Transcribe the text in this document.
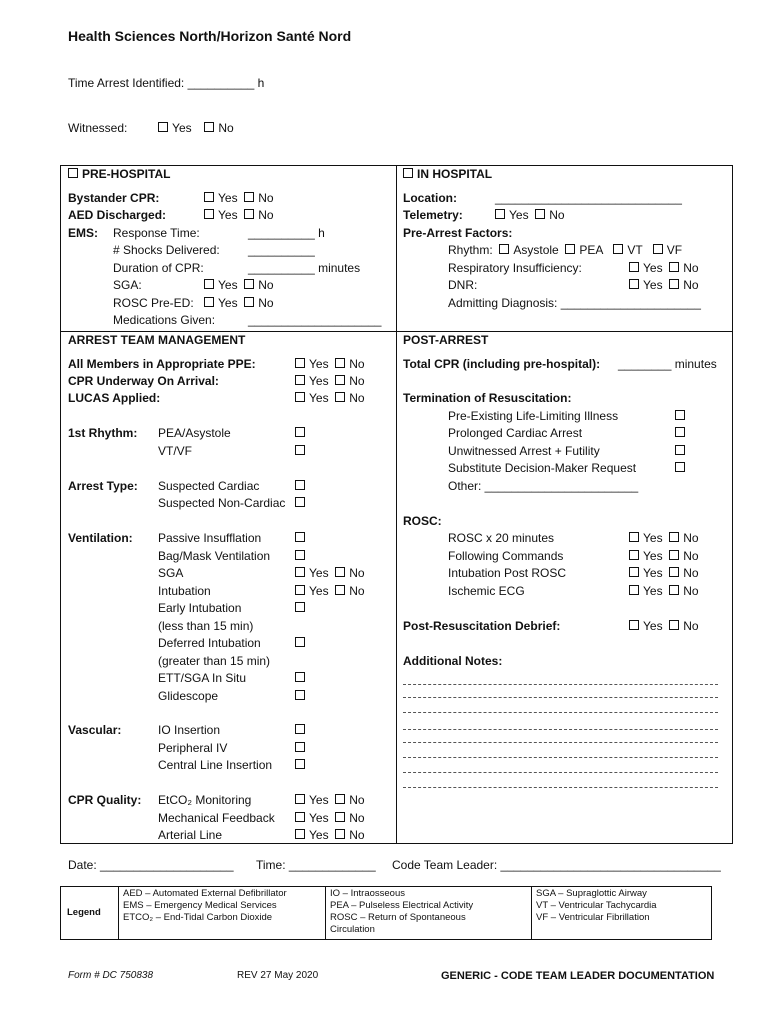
Health Sciences North/Horizon Santé Nord
Time Arrest Identified: __________ h
Witnessed:	Yes No
PRE-HOSPITAL
Bystander CPR:	Yes No
AED Discharged:	Yes No
EMS: Response Time:	__________ h
# Shocks Delivered: __________
Duration of CPR:	__________ minutes
SGA:	Yes No
ROSC Pre-ED:	Yes No
Medications Given:	____________________
IN HOSPITAL
Location:	____________________________
Telemetry:	Yes No
Pre-Arrest Factors:
Rhythm: Asystole PEA VT VF
Respiratory Insufficiency:	Yes No
DNR:	Yes No
Admitting Diagnosis: _____________________
ARREST TEAM MANAGEMENT
All Members in Appropriate PPE:	Yes No
CPR Underway On Arrival:	Yes No
LUCAS Applied:	Yes No
1st Rhythm: PEA/Asystole
VT/VF
Arrest Type: Suspected Cardiac
Suspected Non-Cardiac
Ventilation: Passive Insufflation
Bag/Mask Ventilation
SGA	Yes No
Intubation	Yes No
Early Intubation
(less than 15 min)
Deferred Intubation
(greater than 15 min)
ETT/SGA In Situ
Glidescope
Vascular:	IO Insertion
Peripheral IV
Central Line Insertion
CPR Quality: EtCO₂ Monitoring	Yes No
Mechanical Feedback	Yes No
Arterial Line	Yes No
POST-ARREST
Total CPR (including pre-hospital): ________ minutes
Termination of Resuscitation:
Pre-Existing Life-Limiting Illness
Prolonged Cardiac Arrest
Unwitnessed Arrest + Futility
Substitute Decision-Maker Request
Other: _______________________
ROSC:
ROSC x 20 minutes	Yes No
Following Commands	Yes No
Intubation Post ROSC	Yes No
Ischemic ECG	Yes No
Post-Resuscitation Debrief:	Yes No
Additional Notes:
Date: ____________________ Time: _____________ Code Team Leader: _________________________________
Legend
AED – Automated External Defibrillator
EMS – Emergency Medical Services
ETCO₂ – End-Tidal Carbon Dioxide
IO – Intraosseous
PEA – Pulseless Electrical Activity
ROSC – Return of Spontaneous
Circulation
SGA – Supraglottic Airway
VT – Ventricular Tachycardia
VF – Ventricular Fibrillation
Form # DC 750838	REV 27 May 2020	GENERIC - CODE TEAM LEADER DOCUMENTATION
